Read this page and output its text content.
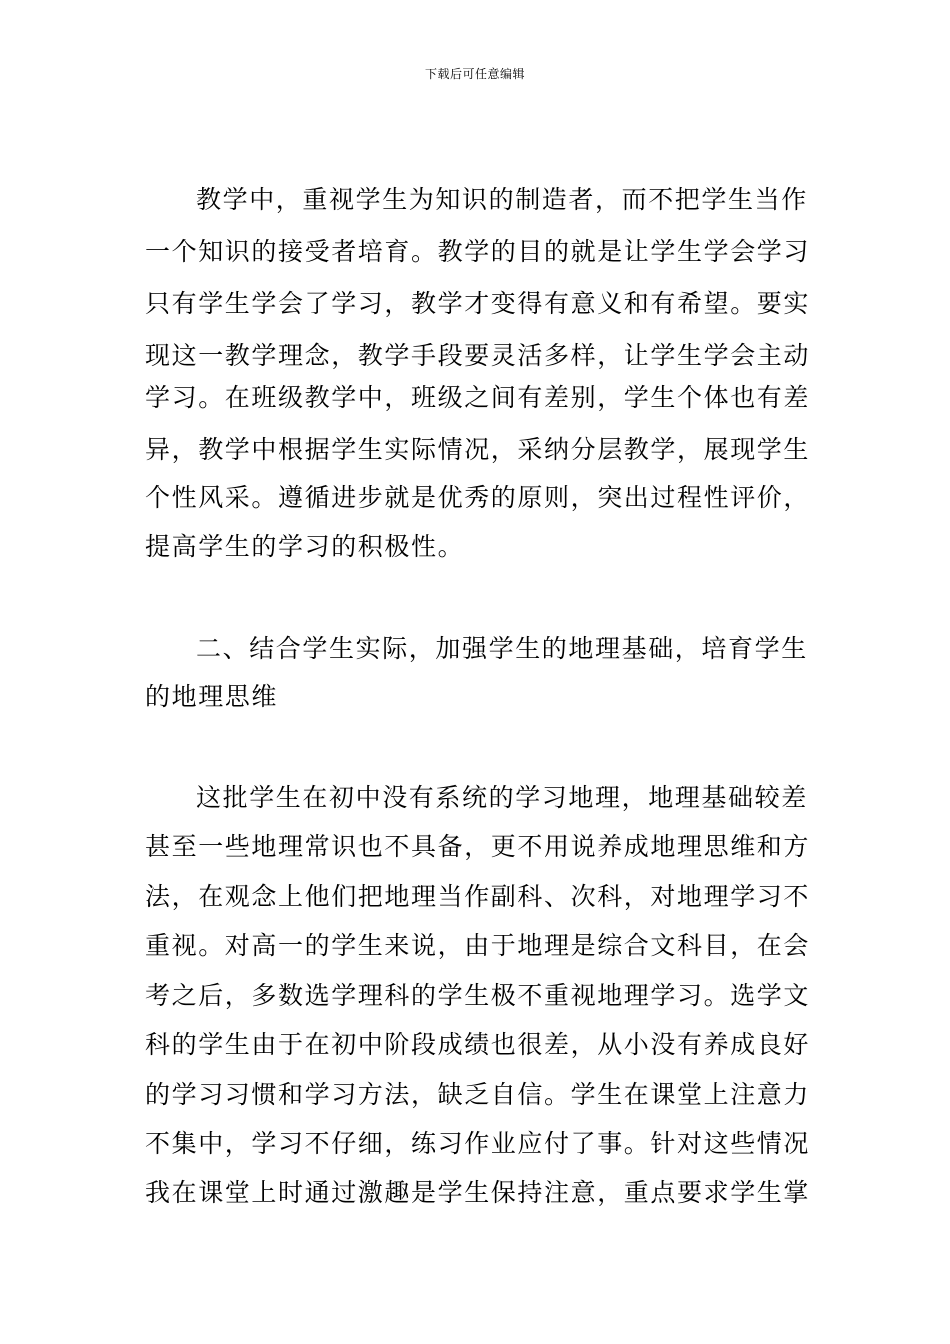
下载后可任意编辑
教学中，重视学生为知识的制造者，而不把学生当作
一个知识的接受者培育。教学的目的就是让学生学会学习
只有学生学会了学习，教学才变得有意义和有希望。要实
现这一教学理念，教学手段要灵活多样，让学生学会主动
学习。在班级教学中，班级之间有差别，学生个体也有差
异，教学中根据学生实际情况，采纳分层教学，展现学生
个性风采。遵循进步就是优秀的原则，突出过程性评价，
提高学生的学习的积极性。
二、结合学生实际，加强学生的地理基础，培育学生
的地理思维
这批学生在初中没有系统的学习地理，地理基础较差
甚至一些地理常识也不具备，更不用说养成地理思维和方
法，在观念上他们把地理当作副科、次科，对地理学习不
重视。对高一的学生来说，由于地理是综合文科目，在会
考之后，多数选学理科的学生极不重视地理学习。选学文
科的学生由于在初中阶段成绩也很差，从小没有养成良好
的学习习惯和学习方法，缺乏自信。学生在课堂上注意力
不集中，学习不仔细，练习作业应付了事。针对这些情况
我在课堂上时通过激趣是学生保持注意，重点要求学生掌
